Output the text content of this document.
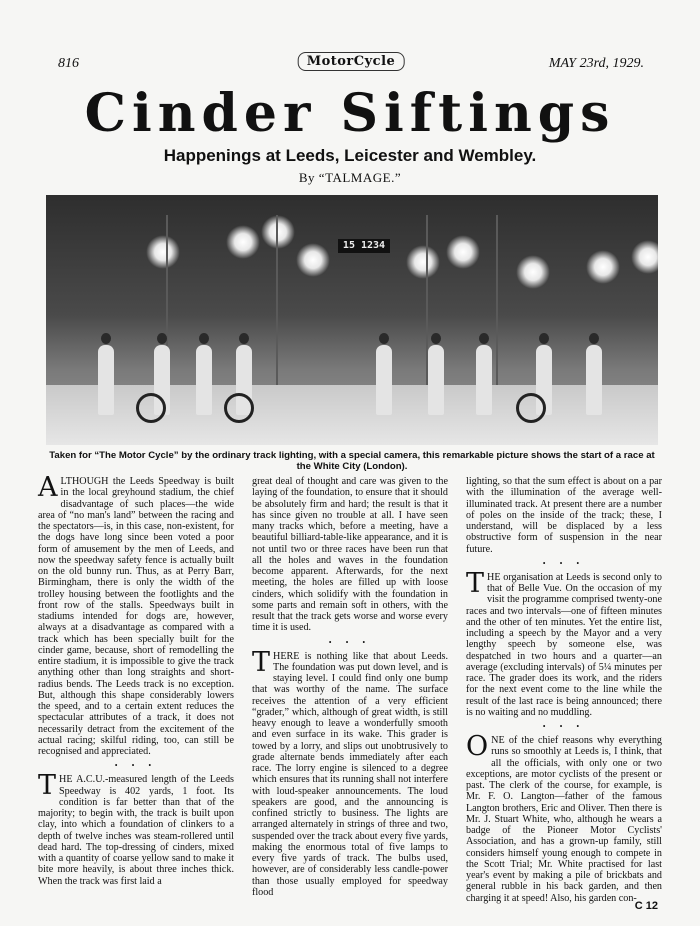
816	MotorCycle	MAY 23rd, 1929.
Cinder Siftings
Happenings at Leeds, Leicester and Wembley.
By “TALMAGE.”
15 1234
Taken for “The Motor Cycle” by the ordinary track lighting, with a special camera, this remarkable picture shows the start of a race at the White City (London).

ALTHOUGH the Leeds Speedway is built in the local greyhound stadium, the chief disadvantage of such places—the wide area of “no man's land” between the racing and the spectators—is, in this case, non-existent, for the dogs have long since been voted a poor form of amusement by the men of Leeds, and now the speedway safety fence is actually built on the old bunny run. Thus, as at Perry Barr, Birmingham, there is only the width of the trolley housing between the footlights and the front row of the stalls. Speedways built in stadiums intended for dogs are, however, always at a disadvantage as compared with a track which has been specially built for the cinder game, because, short of remodelling the entire stadium, it is impossible to give the track anything other than long straights and short-radius bends. The Leeds track is no exception. But, although this shape considerably lowers the speed, and to a certain extent reduces the spectacular attributes of a track, it does not necessarily detract from the excitement of the actual racing; skilful riding, too, can still be recognised and appreciated.

• • •

THE A.C.U.-measured length of the Leeds Speedway is 402 yards, 1 foot. Its condition is far better than that of the majority; to begin with, the track is built upon clay, into which a foundation of clinkers to a depth of twelve inches was steam-rollered until dead hard. The top-dressing of cinders, mixed with a quantity of coarse yellow sand to make it bite more heavily, is about three inches thick. When the track was first laid a

great deal of thought and care was given to the laying of the foundation, to ensure that it should be absolutely firm and hard; the result is that it has since given no trouble at all. I have seen many tracks which, before a meeting, have a beautiful billiard-table-like appearance, and it is not until two or three races have been run that all the holes and waves in the foundation become apparent. Afterwards, for the next meeting, the holes are filled up with loose cinders, which solidify with the foundation in some parts and remain soft in others, with the result that the track gets worse and worse every time it is used.

• • •

THERE is nothing like that about Leeds. The foundation was put down level, and is staying level. I could find only one bump that was worthy of the name. The surface receives the attention of a very efficient “grader,” which, although of great width, is still heavy enough to leave a wonderfully smooth and even surface in its wake. This grader is towed by a lorry, and slips out unobtrusively to grade alternate bends immediately after each race. The lorry engine is silenced to a degree which ensures that its running shall not interfere with loud-speaker announcements. The loud speakers are good, and the announcing is confined strictly to business. The lights are arranged alternately in strings of three and two, suspended over the track about every five yards, making the enormous total of five lamps to every five yards of track. The bulbs used, however, are of considerably less candle-power than those usually employed for speedway flood

lighting, so that the sum effect is about on a par with the illumination of the average well-illuminated track. At present there are a number of poles on the inside of the track; these, I understand, will be displaced by a less obstructive form of suspension in the near future.

• • •

THE organisation at Leeds is second only to that of Belle Vue. On the occasion of my visit the programme comprised twenty-one races and two intervals—one of fifteen minutes and the other of ten minutes. Yet the entire list, including a speech by the Mayor and a very lengthy speech by someone else, was despatched in two hours and a quarter—an average (excluding intervals) of 5¼ minutes per race. The grader does its work, and the riders for the next event come to the line while the result of the last race is being announced; there is no waiting and no muddling.

• • •

ONE of the chief reasons why everything runs so smoothly at Leeds is, I think, that all the officials, with only one or two exceptions, are motor cyclists of the present or past. The clerk of the course, for example, is Mr. F. O. Langton—father of the famous Langton brothers, Eric and Oliver. Then there is Mr. J. Stuart White, who, although he wears a badge of the Pioneer Motor Cyclists' Association, and has a grown-up family, still considers himself young enough to compete in the Scott Trial; Mr. White practised for last year's event by making a pile of brickbats and general rubble in his back garden, and then charging it at speed! Also, his garden con-

C 12
